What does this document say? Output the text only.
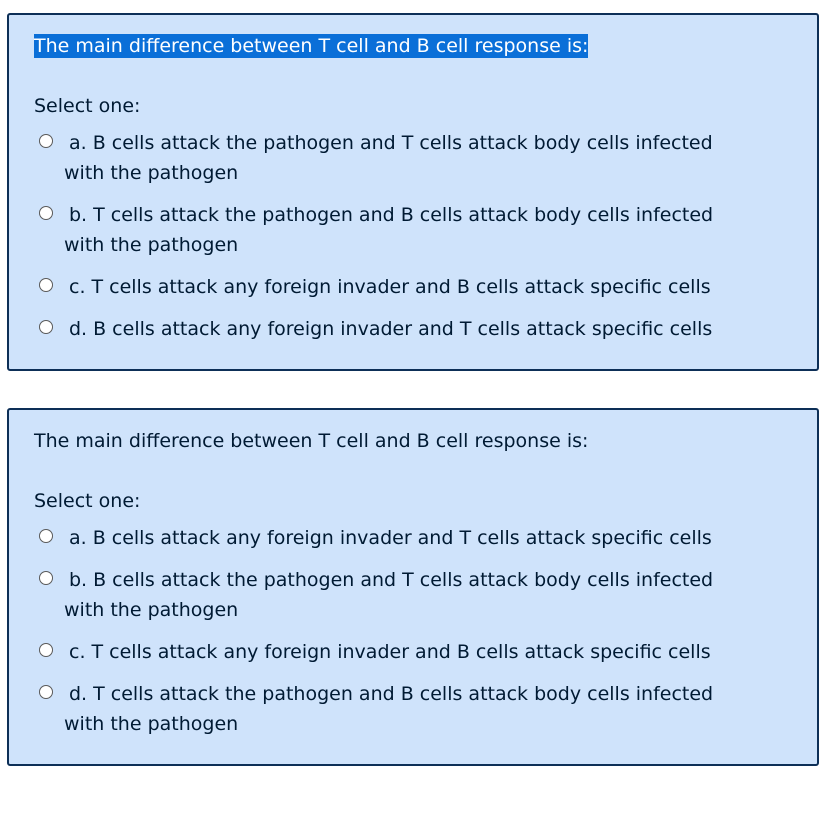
The main difference between T cell and B cell response is:
Select one:
a. B cells attack the pathogen and T cells attack body cells infected
with the pathogen
b. T cells attack the pathogen and B cells attack body cells infected
with the pathogen
c. T cells attack any foreign invader and B cells attack specific cells
d. B cells attack any foreign invader and T cells attack specific cells
The main difference between T cell and B cell response is:
Select one:
a. B cells attack any foreign invader and T cells attack specific cells
b. B cells attack the pathogen and T cells attack body cells infected
with the pathogen
c. T cells attack any foreign invader and B cells attack specific cells
d. T cells attack the pathogen and B cells attack body cells infected
with the pathogen
